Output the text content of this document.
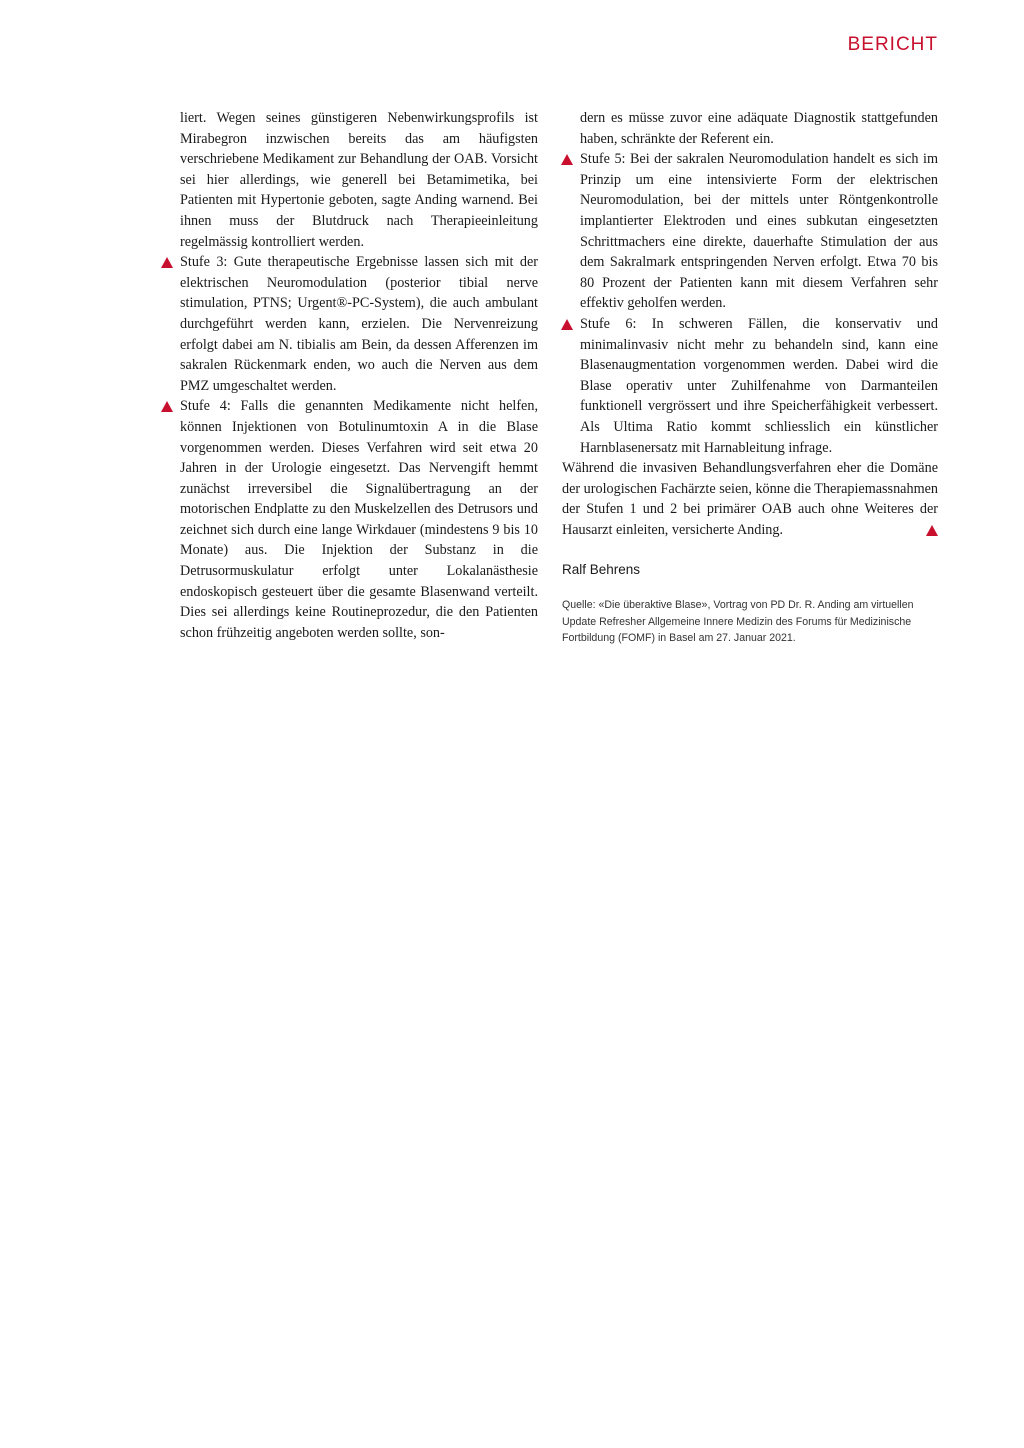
BERICHT

liert. Wegen seines günstigeren Nebenwirkungsprofils ist Mirabegron inzwischen bereits das am häufigsten verschriebene Medikament zur Behandlung der OAB. Vorsicht sei hier allerdings, wie generell bei Betamimetika, bei Patienten mit Hypertonie geboten, sagte Anding warnend. Bei ihnen muss der Blutdruck nach Therapieeinleitung regelmässig kontrolliert werden.

Stufe 3: Gute therapeutische Ergebnisse lassen sich mit der elektrischen Neuromodulation (posterior tibial nerve stimulation, PTNS; Urgent®-PC-System), die auch ambulant durchgeführt werden kann, erzielen. Die Nervenreizung erfolgt dabei am N. tibialis am Bein, da dessen Afferenzen im sakralen Rückenmark enden, wo auch die Nerven aus dem PMZ umgeschaltet werden.

Stufe 4: Falls die genannten Medikamente nicht helfen, können Injektionen von Botulinumtoxin A in die Blase vorgenommen werden. Dieses Verfahren wird seit etwa 20 Jahren in der Urologie eingesetzt. Das Nervengift hemmt zunächst irreversibel die Signalübertragung an der motorischen Endplatte zu den Muskelzellen des Detrusors und zeichnet sich durch eine lange Wirkdauer (mindestens 9 bis 10 Monate) aus. Die Injektion der Substanz in die Detrusormuskulatur erfolgt unter Lokalanästhesie endoskopisch gesteuert über die gesamte Blasenwand verteilt. Dies sei allerdings keine Routineprozedur, die den Patienten schon frühzeitig angeboten werden sollte, son-

dern es müsse zuvor eine adäquate Diagnostik stattgefunden haben, schränkte der Referent ein.

Stufe 5: Bei der sakralen Neuromodulation handelt es sich im Prinzip um eine intensivierte Form der elektrischen Neuromodulation, bei der mittels unter Röntgenkontrolle implantierter Elektroden und eines subkutan eingesetzten Schrittmachers eine direkte, dauerhafte Stimulation der aus dem Sakralmark entspringenden Nerven erfolgt. Etwa 70 bis 80 Prozent der Patienten kann mit diesem Verfahren sehr effektiv geholfen werden.

Stufe 6: In schweren Fällen, die konservativ und minimalinvasiv nicht mehr zu behandeln sind, kann eine Blasenaugmentation vorgenommen werden. Dabei wird die Blase operativ unter Zuhilfenahme von Darmanteilen funktionell vergrössert und ihre Speicherfähigkeit verbessert. Als Ultima Ratio kommt schliesslich ein künstlicher Harnblasenersatz mit Harnableitung infrage.

Während die invasiven Behandlungsverfahren eher die Domäne der urologischen Fachärzte seien, könne die Therapiemassnahmen der Stufen 1 und 2 bei primärer OAB auch ohne Weiteres der Hausarzt einleiten, versicherte Anding.

Ralf Behrens
Quelle: «Die überaktive Blase», Vortrag von PD Dr. R. Anding am virtuellen Update Refresher Allgemeine Innere Medizin des Forums für Medizinische Fortbildung (FOMF) in Basel am 27. Januar 2021.
